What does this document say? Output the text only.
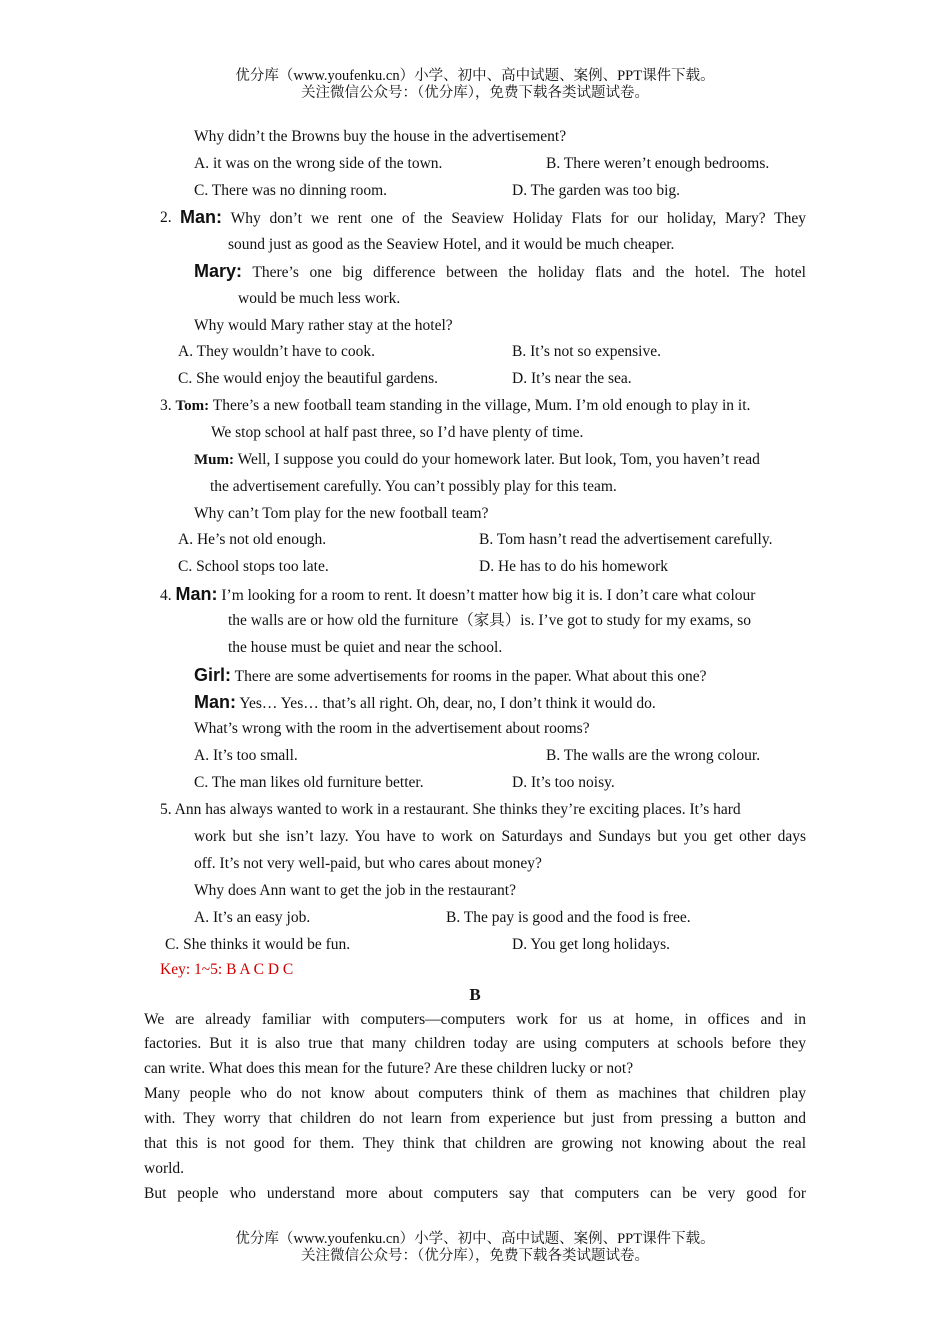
优分库（www.youfenku.cn）小学、初中、高中试题、案例、PPT课件下载。
关注微信公众号：（优分库），免费下载各类试题试卷。
Why didn’t the Browns buy the house in the advertisement?
A. it was on the wrong side of the town.	B. There weren’t enough bedrooms.
C. There was no dinning room.	D. The garden was too big.
2. Man: Why don’t we rent one of the Seaview Holiday Flats for our holiday, Mary? They
sound just as good as the Seaview Hotel, and it would be much cheaper.
Mary: There’s one big difference between the holiday flats and the hotel. The hotel
would be much less work.
Why would Mary rather stay at the hotel?
A. They wouldn’t have to cook.	B. It’s not so expensive.
C. She would enjoy the beautiful gardens.	D. It’s near the sea.
3. Tom: There’s a new football team standing in the village, Mum. I’m old enough to play in it.
We stop school at half past three, so I’d have plenty of time.
Mum: Well, I suppose you could do your homework later. But look, Tom, you haven’t read
the advertisement carefully. You can’t possibly play for this team.
Why can’t Tom play for the new football team?
A. He’s not old enough.	B. Tom hasn’t read the advertisement carefully.
C. School stops too late.	D. He has to do his homework
4. Man: I’m looking for a room to rent. It doesn’t matter how big it is. I don’t care what colour
the walls are or how old the furniture（家具）is. I’ve got to study for my exams, so
the house must be quiet and near the school.
Girl: There are some advertisements for rooms in the paper. What about this one?
Man: Yes… Yes… that’s all right. Oh, dear, no, I don’t think it would do.
What’s wrong with the room in the advertisement about rooms?
A. It’s too small.	B. The walls are the wrong colour.
C. The man likes old furniture better.	D. It’s too noisy.
5. Ann has always wanted to work in a restaurant. She thinks they’re exciting places. It’s hard
work but she isn’t lazy. You have to work on Saturdays and Sundays but you get other days
off. It’s not very well-paid, but who cares about money?
Why does Ann want to get the job in the restaurant?
A. It’s an easy job.	B. The pay is good and the food is free.
C. She thinks it would be fun.	D. You get long holidays.
Key: 1~5: B A C D C
B
We are already familiar with computers—computers work for us at home, in offices and in
factories. But it is also true that many children today are using computers at schools before they
can write. What does this mean for the future? Are these children lucky or not?
Many people who do not know about computers think of them as machines that children play
with. They worry that children do not learn from experience but just from pressing a button and
that this is not good for them. They think that children are growing not knowing about the real
world.
But people who understand more about computers say that computers can be very good for
优分库（www.youfenku.cn）小学、初中、高中试题、案例、PPT课件下载。
关注微信公众号：（优分库），免费下载各类试题试卷。
